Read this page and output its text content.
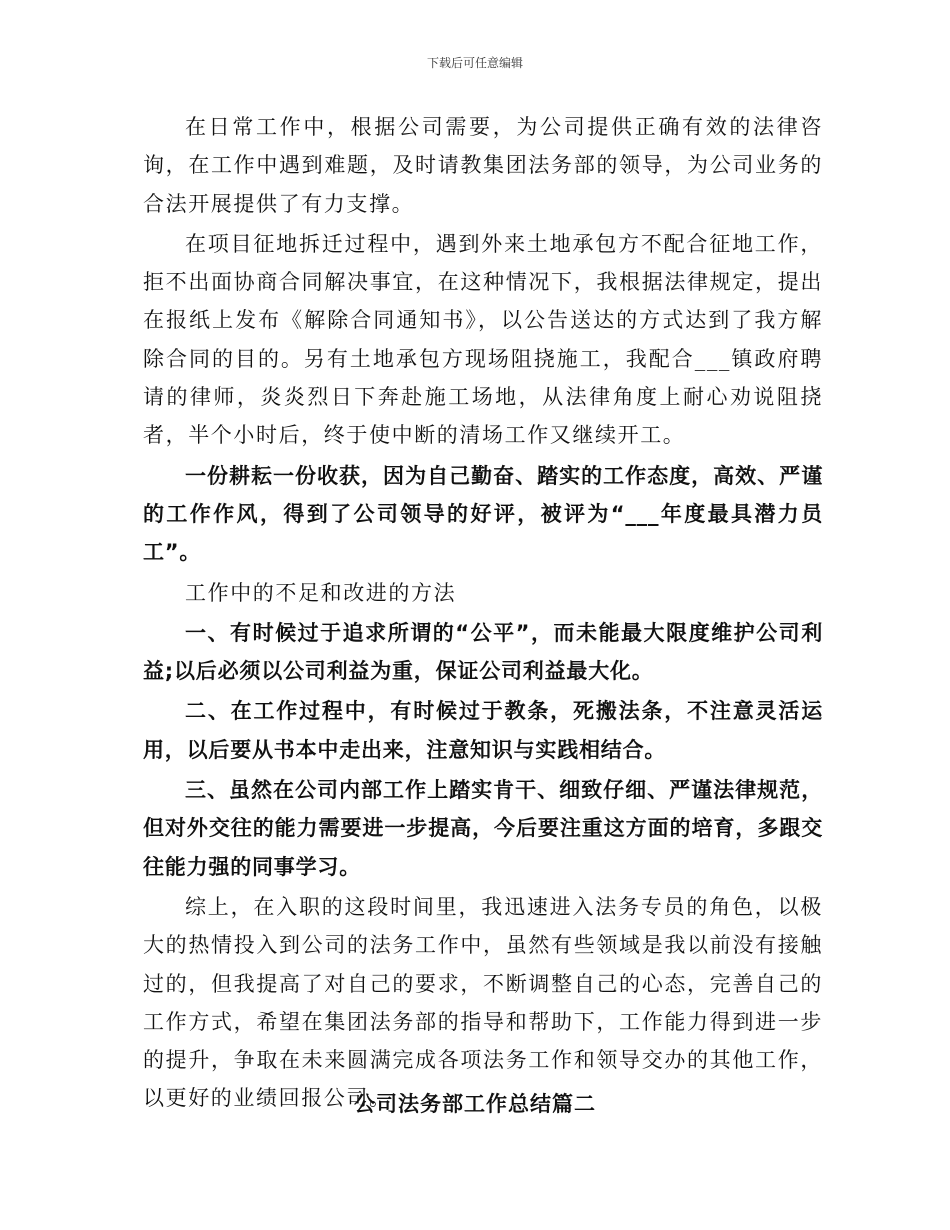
下载后可任意编辑

在日常工作中，根据公司需要，为公司提供正确有效的法律咨询，在工作中遇到难题，及时请教集团法务部的领导，为公司业务的合法开展提供了有力支撑。

在项目征地拆迁过程中，遇到外来土地承包方不配合征地工作，拒不出面协商合同解决事宜，在这种情况下，我根据法律规定，提出在报纸上发布《解除合同通知书》，以公告送达的方式达到了我方解除合同的目的。另有土地承包方现场阻挠施工，我配合___镇政府聘请的律师，炎炎烈日下奔赴施工场地，从法律角度上耐心劝说阻挠者，半个小时后，终于使中断的清场工作又继续开工。

一份耕耘一份收获，因为自己勤奋、踏实的工作态度，高效、严谨的工作作风，得到了公司领导的好评，被评为“___年度最具潜力员工”。

工作中的不足和改进的方法

一、有时候过于追求所谓的“公平”，而未能最大限度维护公司利益;以后必须以公司利益为重，保证公司利益最大化。

二、在工作过程中，有时候过于教条，死搬法条，不注意灵活运用，以后要从书本中走出来，注意知识与实践相结合。

三、虽然在公司内部工作上踏实肯干、细致仔细、严谨法律规范，但对外交往的能力需要进一步提高，今后要注重这方面的培育，多跟交往能力强的同事学习。

综上，在入职的这段时间里，我迅速进入法务专员的角色，以极大的热情投入到公司的法务工作中，虽然有些领域是我以前没有接触过的，但我提高了对自己的要求，不断调整自己的心态，完善自己的工作方式，希望在集团法务部的指导和帮助下，工作能力得到进一步的提升，争取在未来圆满完成各项法务工作和领导交办的其他工作，以更好的业绩回报公司。

公司法务部工作总结篇二
